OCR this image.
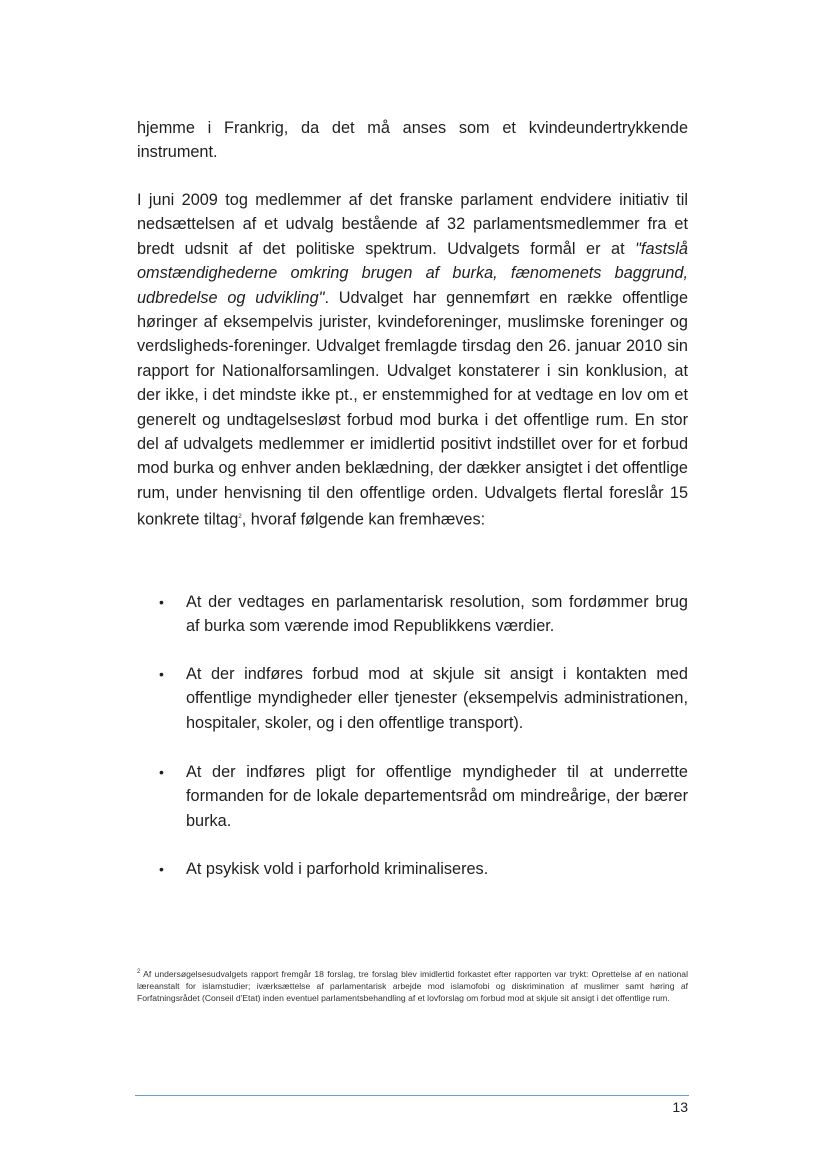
hjemme i Frankrig, da det må anses som et kvindeundertrykkende instrument.

I juni 2009 tog medlemmer af det franske parlament endvidere initiativ til nedsættelsen af et udvalg bestående af 32 parlamentsmedlemmer fra et bredt udsnit af det politiske spektrum. Udvalgets formål er at "fastslå omstændighederne omkring brugen af burka, fænomenets baggrund, udbredelse og udvikling". Udvalget har gennemført en række offentlige høringer af eksempelvis jurister, kvindeforeninger, muslimske foreninger og verdsligheds-foreninger. Udvalget fremlagde tirsdag den 26. januar 2010 sin rapport for Nationalforsamlingen. Udvalget konstaterer i sin konklusion, at der ikke, i det mindste ikke pt., er enstemmighed for at vedtage en lov om et generelt og undtagelsesløst forbud mod burka i det offentlige rum. En stor del af udvalgets medlemmer er imidlertid positivt indstillet over for et forbud mod burka og enhver anden beklædning, der dækker ansigtet i det offentlige rum, under henvisning til den offentlige orden. Udvalgets flertal foreslår 15 konkrete tiltag$^2$, hvoraf følgende kan fremhæves:

• At der vedtages en parlamentarisk resolution, som fordømmer brug af burka som værende imod Republikkens værdier.
• At der indføres forbud mod at skjule sit ansigt i kontakten med offentlige myndigheder eller tjenester (eksempelvis administrationen, hospitaler, skoler, og i den offentlige transport).
• At der indføres pligt for offentlige myndigheder til at underrette formanden for de lokale departementsråd om mindreårige, der bærer burka.
• At psykisk vold i parforhold kriminaliseres.

$^2$ Af undersøgelsesudvalgets rapport fremgår 18 forslag, tre forslag blev imidlertid forkastet efter rapporten var trykt: Oprettelse af en national læreanstalt for islamstudier; iværksættelse af parlamentarisk arbejde mod islamofobi og diskrimination af muslimer samt høring af Forfatningsrådet (Conseil d'Etat) inden eventuel parlamentsbehandling af et lovforslag om forbud mod at skjule sit ansigt i det offentlige rum.

13
